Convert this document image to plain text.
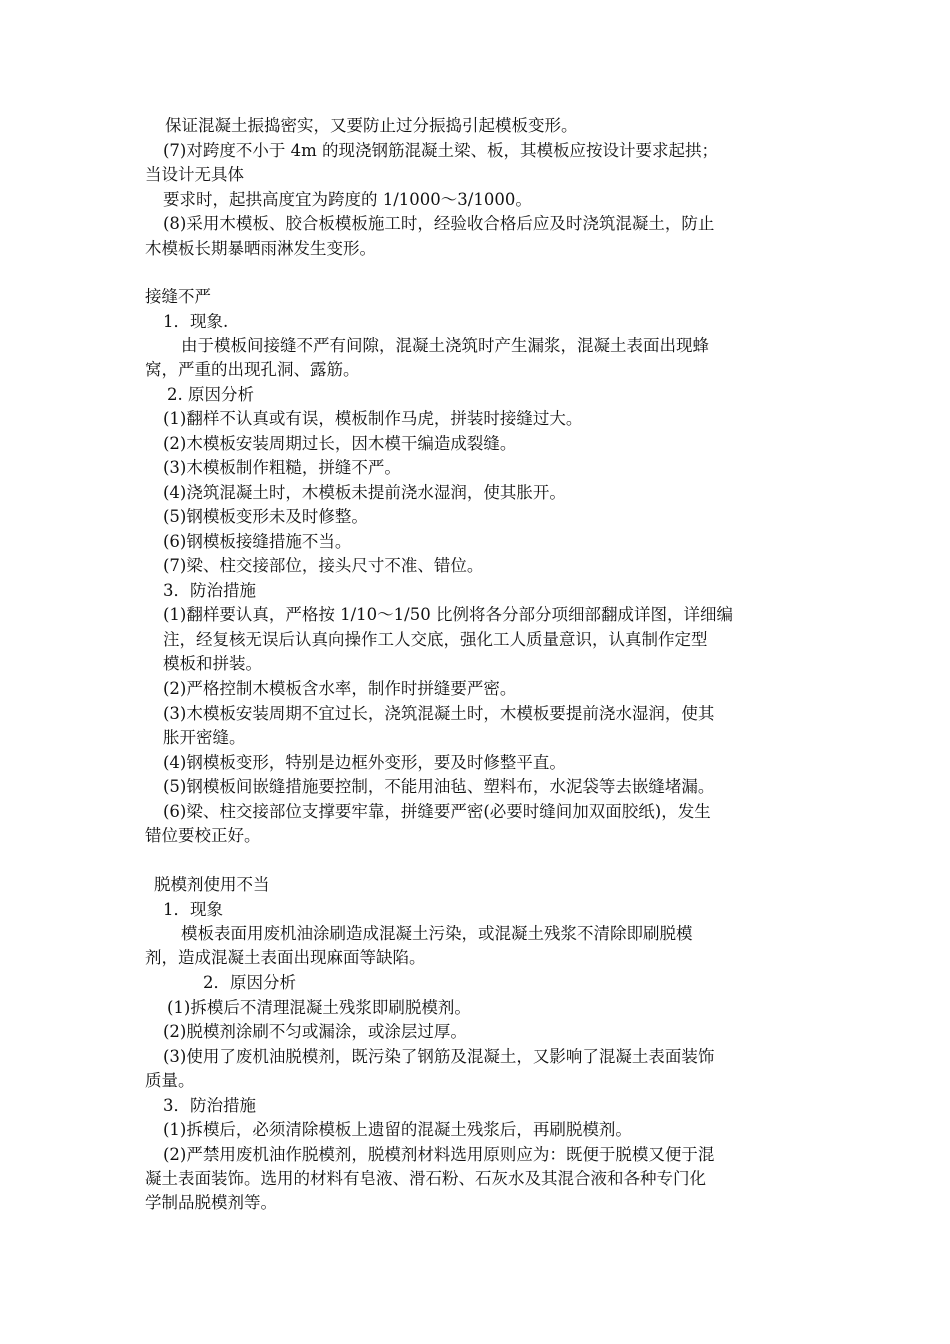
保证混凝土振捣密实，又要防止过分振捣引起模板变形。
(7)对跨度不小于 4m 的现浇钢筋混凝土梁、板，其模板应按设计要求起拱；
当设计无具体
要求时，起拱高度宜为跨度的 1/1000～3/1000。
(8)采用木模板、胶合板模板施工时，经验收合格后应及时浇筑混凝土，防止
木模板长期暴晒雨淋发生变形。
接缝不严
1．现象.
由于模板间接缝不严有间隙，混凝土浇筑时产生漏浆，混凝土表面出现蜂
窝，严重的出现孔洞、露筋。
2. 原因分析
(1)翻样不认真或有误，模板制作马虎，拼装时接缝过大。
(2)木模板安装周期过长，因木模干编造成裂缝。
(3)木模板制作粗糙，拼缝不严。
(4)浇筑混凝土时，木模板未提前浇水湿润，使其胀开。
(5)钢模板变形未及时修整。
(6)钢模板接缝措施不当。
(7)梁、柱交接部位，接头尺寸不准、错位。
3．防治措施
(1)翻样要认真，严格按 1/10～1/50 比例将各分部分项细部翻成详图，详细编
注，经复核无误后认真向操作工人交底，强化工人质量意识，认真制作定型
模板和拼装。
(2)严格控制木模板含水率，制作时拼缝要严密。
(3)木模板安装周期不宜过长，浇筑混凝土时，木模板要提前浇水湿润，使其
胀开密缝。
(4)钢模板变形，特别是边框外变形，要及时修整平直。
(5)钢模板间嵌缝措施要控制，不能用油毡、塑料布，水泥袋等去嵌缝堵漏。
(6)梁、柱交接部位支撑要牢靠，拼缝要严密(必要时缝间加双面胶纸)，发生
错位要校正好。
脱模剂使用不当
1．现象
模板表面用废机油涂刷造成混凝土污染，或混凝土残浆不清除即刷脱模
剂，造成混凝土表面出现麻面等缺陷。
2．原因分析
(1)拆模后不清理混凝土残浆即刷脱模剂。
(2)脱模剂涂刷不匀或漏涂，或涂层过厚。
(3)使用了废机油脱模剂，既污染了钢筋及混凝土，又影响了混凝土表面装饰
质量。
3．防治措施
(1)拆模后，必须清除模板上遗留的混凝土残浆后，再刷脱模剂。
(2)严禁用废机油作脱模剂，脱模剂材料选用原则应为：既便于脱模又便于混
凝土表面装饰。选用的材料有皂液、滑石粉、石灰水及其混合液和各种专门化
学制品脱模剂等。
